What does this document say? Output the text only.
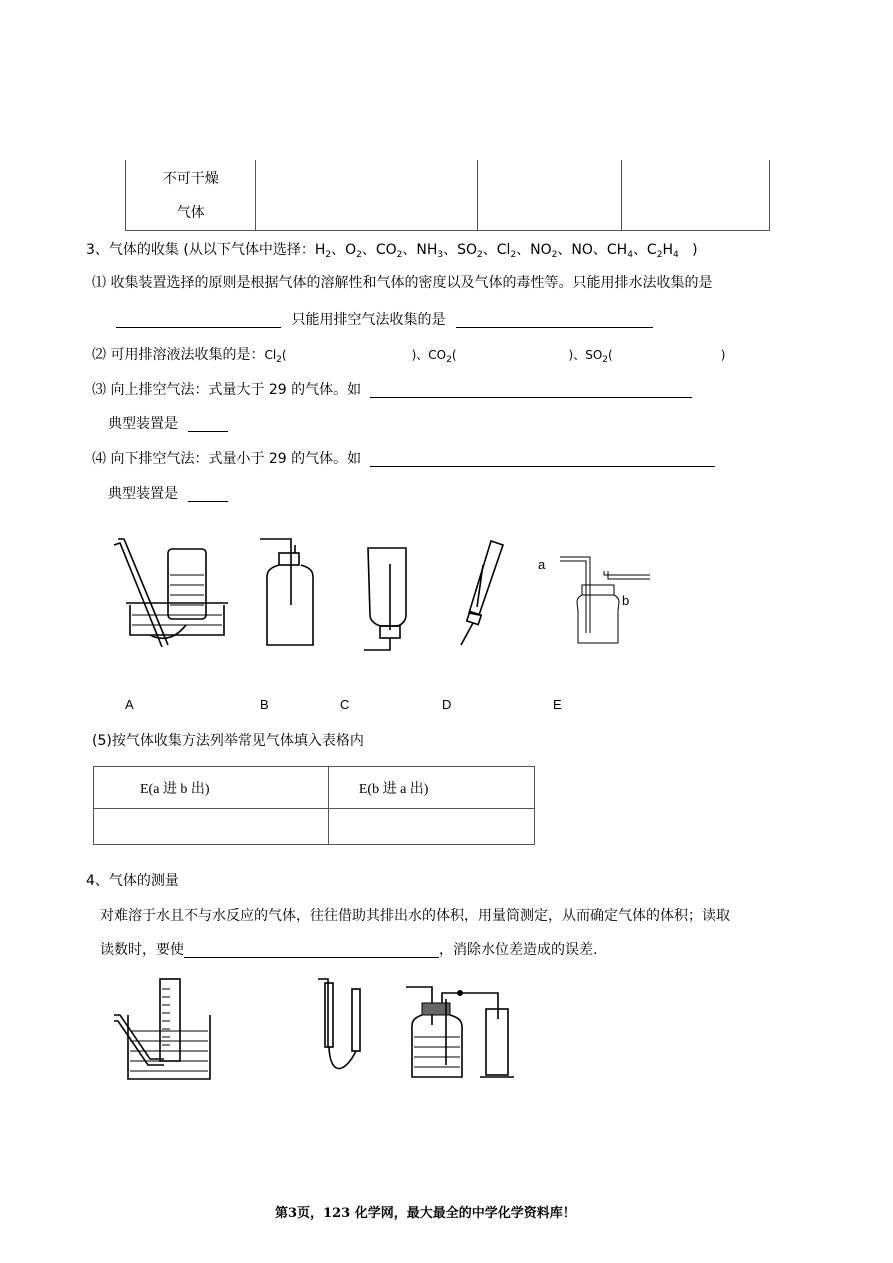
不可干燥
气体

3、气体的收集 (从以下气体中选择：$H_2$、$O_2$、$CO_2$、$NH_3$、$SO_2$、$Cl_2$、$NO_2$、NO、$CH_4$、$C_2H_4$ )
⑴ 收集装置选择的原则是根据气体的溶解性和气体的密度以及气体的毒性等。只能用排水法收集的是
只能用排空气法收集的是
⑵ 可用排溶液法收集的是：$Cl_2$(	)、$CO_2$(	)、$SO_2$(	)
⑶ 向上排空气法：式量大于 29 的气体。如
典型装置是
⑷ 向下排空气法：式量小于 29 的气体。如
典型装置是
a
b
A	B	C	D	E
(5)按气体收集方法列举常见气体填入表格内
E(a 进 b 出)	E(b 进 a 出)

4、气体的测量
对难溶于水且不与水反应的气体，往往借助其排出水的体积，用量筒测定，从而确定气体的体积；读取
读数时，要使	，消除水位差造成的误差.
第3页，123 化学网，最大最全的中学化学资料库！
